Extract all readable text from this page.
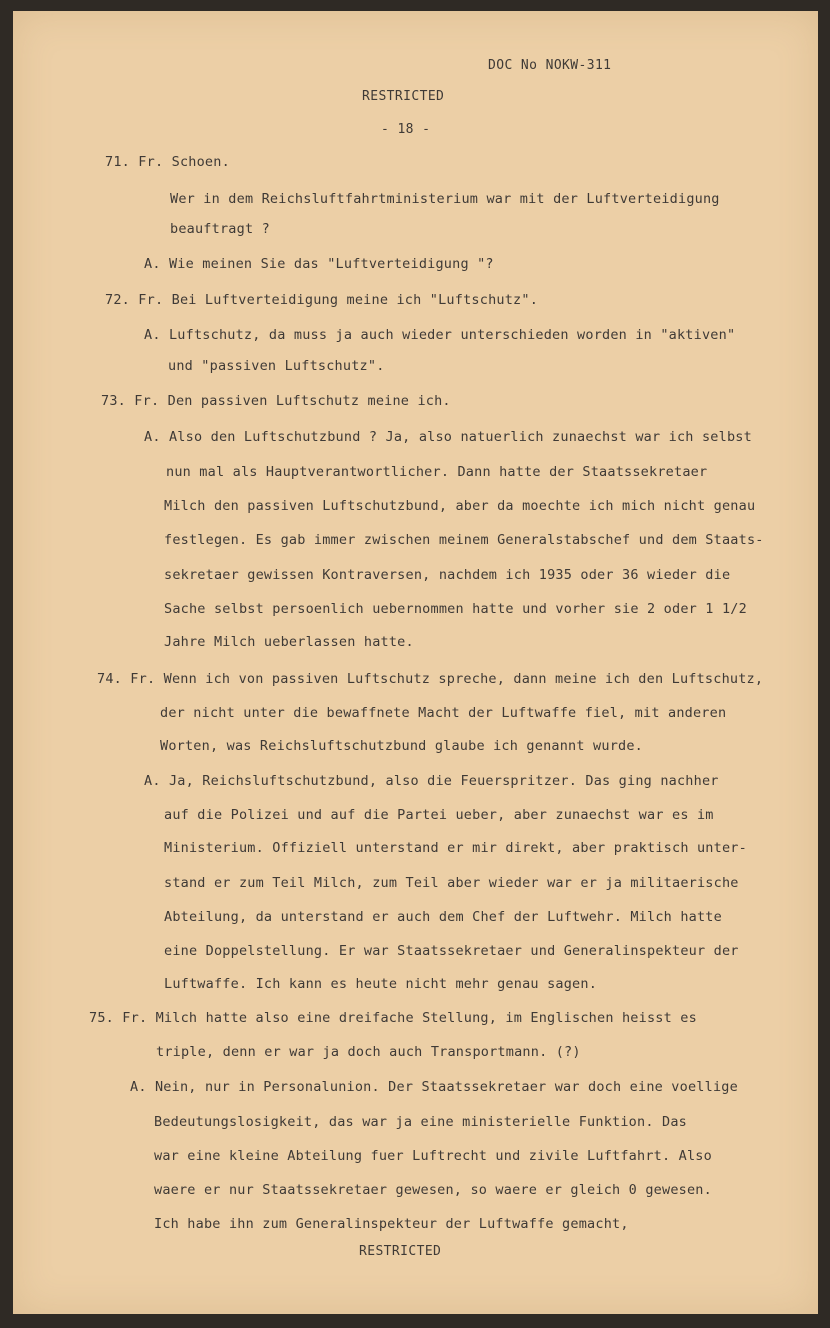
DOC No NOKW-311
RESTRICTED
- 18 -
71. Fr. Schoen.
Wer in dem Reichsluftfahrtministerium war mit der Luftverteidigung
beauftragt ?
A. Wie meinen Sie das "Luftverteidigung "?
72. Fr. Bei Luftverteidigung meine ich "Luftschutz".
A. Luftschutz, da muss ja auch wieder unterschieden worden in "aktiven"
und "passiven Luftschutz".
73. Fr. Den passiven Luftschutz meine ich.
A. Also den Luftschutzbund ? Ja, also natuerlich zunaechst war ich selbst
nun mal als Hauptverantwortlicher. Dann hatte der Staatssekretaer
Milch den passiven Luftschutzbund, aber da moechte ich mich nicht genau
festlegen. Es gab immer zwischen meinem Generalstabschef und dem Staats-
sekretaer gewissen Kontraversen, nachdem ich 1935 oder 36 wieder die
Sache selbst persoenlich uebernommen hatte und vorher sie 2 oder 1 1/2
Jahre Milch ueberlassen hatte.
74. Fr. Wenn ich von passiven Luftschutz spreche, dann meine ich den Luftschutz,
der nicht unter die bewaffnete Macht der Luftwaffe fiel, mit anderen
Worten, was Reichsluftschutzbund glaube ich genannt wurde.
A. Ja, Reichsluftschutzbund, also die Feuerspritzer. Das ging nachher
auf die Polizei und auf die Partei ueber, aber zunaechst war es im
Ministerium. Offiziell unterstand er mir direkt, aber praktisch unter-
stand er zum Teil Milch, zum Teil aber wieder war er ja militaerische
Abteilung, da unterstand er auch dem Chef der Luftwehr. Milch hatte
eine Doppelstellung. Er war Staatssekretaer und Generalinspekteur der
Luftwaffe. Ich kann es heute nicht mehr genau sagen.
75. Fr. Milch hatte also eine dreifache Stellung, im Englischen heisst es
triple, denn er war ja doch auch Transportmann. (?)
A. Nein, nur in Personalunion. Der Staatssekretaer war doch eine voellige
Bedeutungslosigkeit, das war ja eine ministerielle Funktion. Das
war eine kleine Abteilung fuer Luftrecht und zivile Luftfahrt. Also
waere er nur Staatssekretaer gewesen, so waere er gleich 0 gewesen.
Ich habe ihn zum Generalinspekteur der Luftwaffe gemacht,
RESTRICTED
